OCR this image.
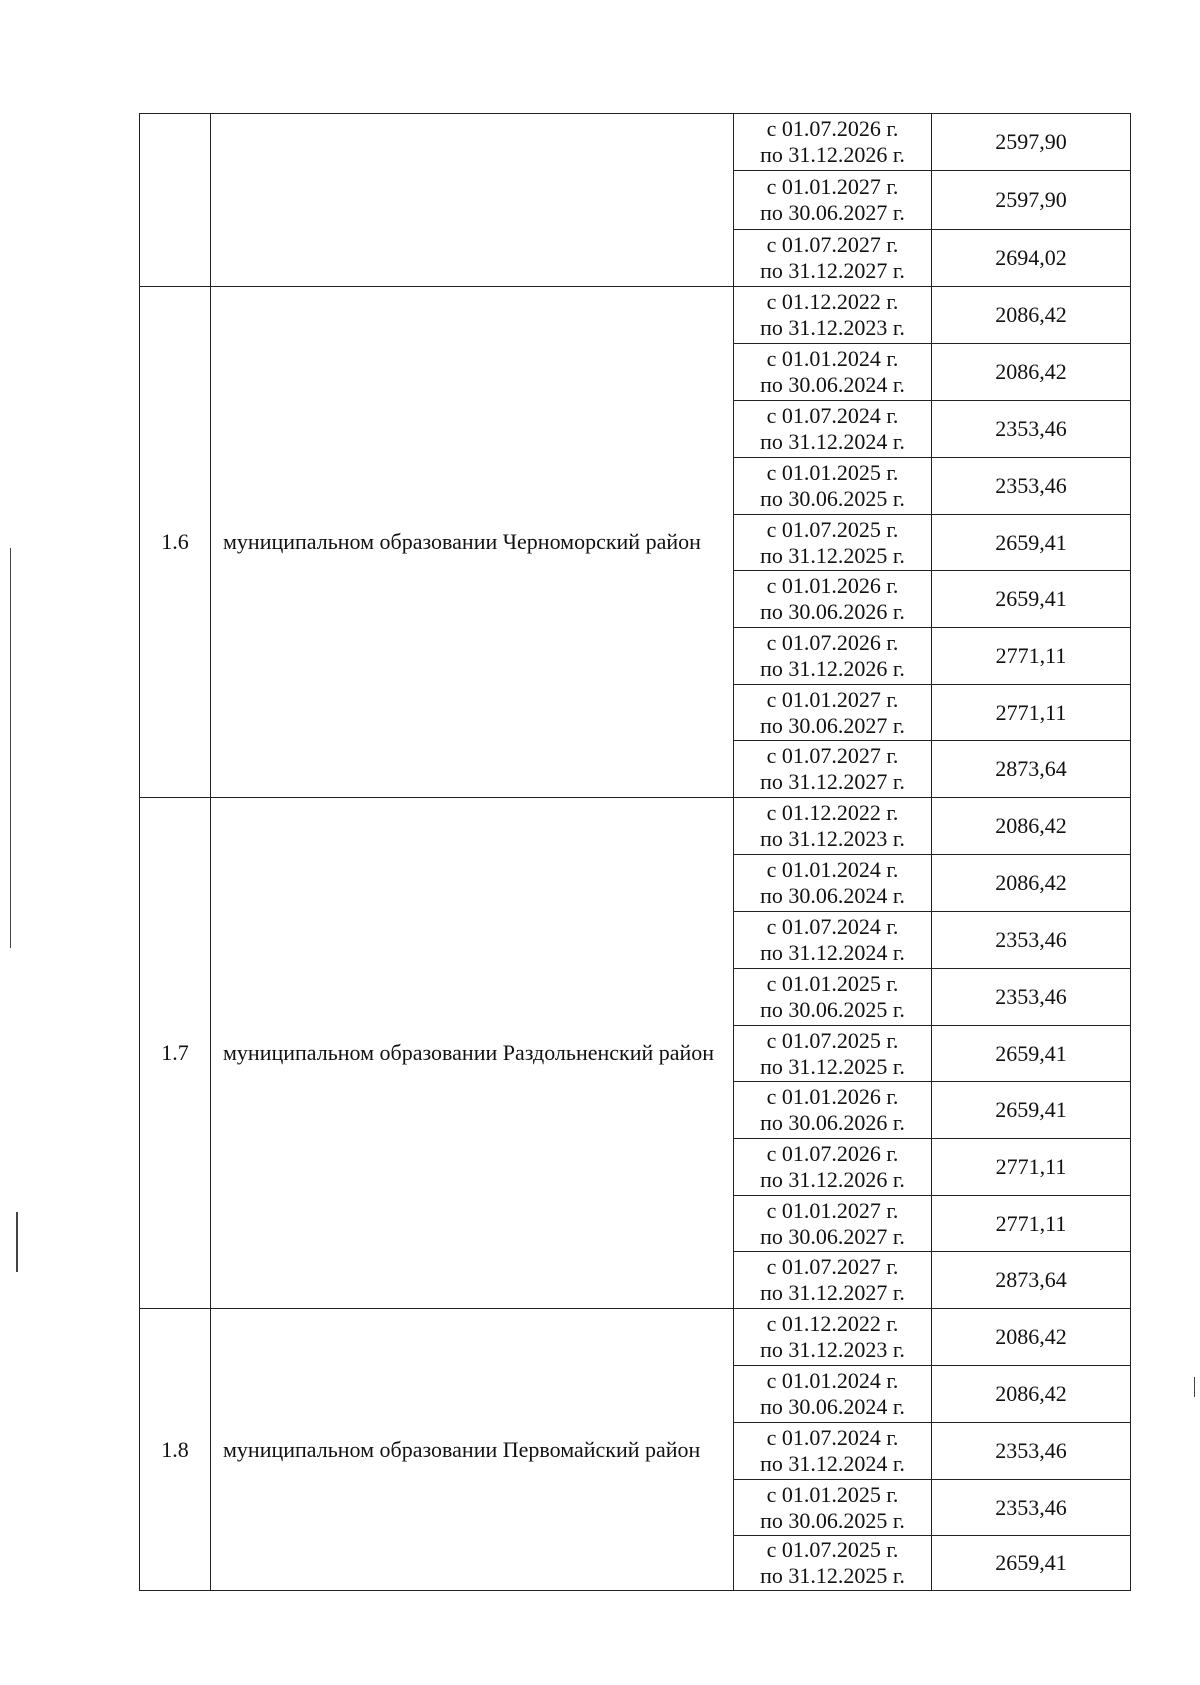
		с 01.07.2026 г.
по 31.12.2026 г.	2597,90

		с 01.01.2027 г.
по 30.06.2027 г.	2597,90

		с 01.07.2027 г.
по 31.12.2027 г.	2694,02
1.6	муниципальном образовании Черноморский район	с 01.12.2022 г.
по 31.12.2023 г.	2086,42

		с 01.01.2024 г.
по 30.06.2024 г.	2086,42

		с 01.07.2024 г.
по 31.12.2024 г.	2353,46

		с 01.01.2025 г.
по 30.06.2025 г.	2353,46

		с 01.07.2025 г.
по 31.12.2025 г.	2659,41

		с 01.01.2026 г.
по 30.06.2026 г.	2659,41

		с 01.07.2026 г.
по 31.12.2026 г.	2771,11

		с 01.01.2027 г.
по 30.06.2027 г.	2771,11

		с 01.07.2027 г.
по 31.12.2027 г.	2873,64
1.7	муниципальном образовании Раздольненский район	с 01.12.2022 г.
по 31.12.2023 г.	2086,42

		с 01.01.2024 г.
по 30.06.2024 г.	2086,42

		с 01.07.2024 г.
по 31.12.2024 г.	2353,46

		с 01.01.2025 г.
по 30.06.2025 г.	2353,46

		с 01.07.2025 г.
по 31.12.2025 г.	2659,41

		с 01.01.2026 г.
по 30.06.2026 г.	2659,41

		с 01.07.2026 г.
по 31.12.2026 г.	2771,11

		с 01.01.2027 г.
по 30.06.2027 г.	2771,11

		с 01.07.2027 г.
по 31.12.2027 г.	2873,64
1.8	муниципальном образовании Первомайский район	с 01.12.2022 г.
по 31.12.2023 г.	2086,42

		с 01.01.2024 г.
по 30.06.2024 г.	2086,42

		с 01.07.2024 г.
по 31.12.2024 г.	2353,46

		с 01.01.2025 г.
по 30.06.2025 г.	2353,46

		с 01.07.2025 г.
по 31.12.2025 г.	2659,41
